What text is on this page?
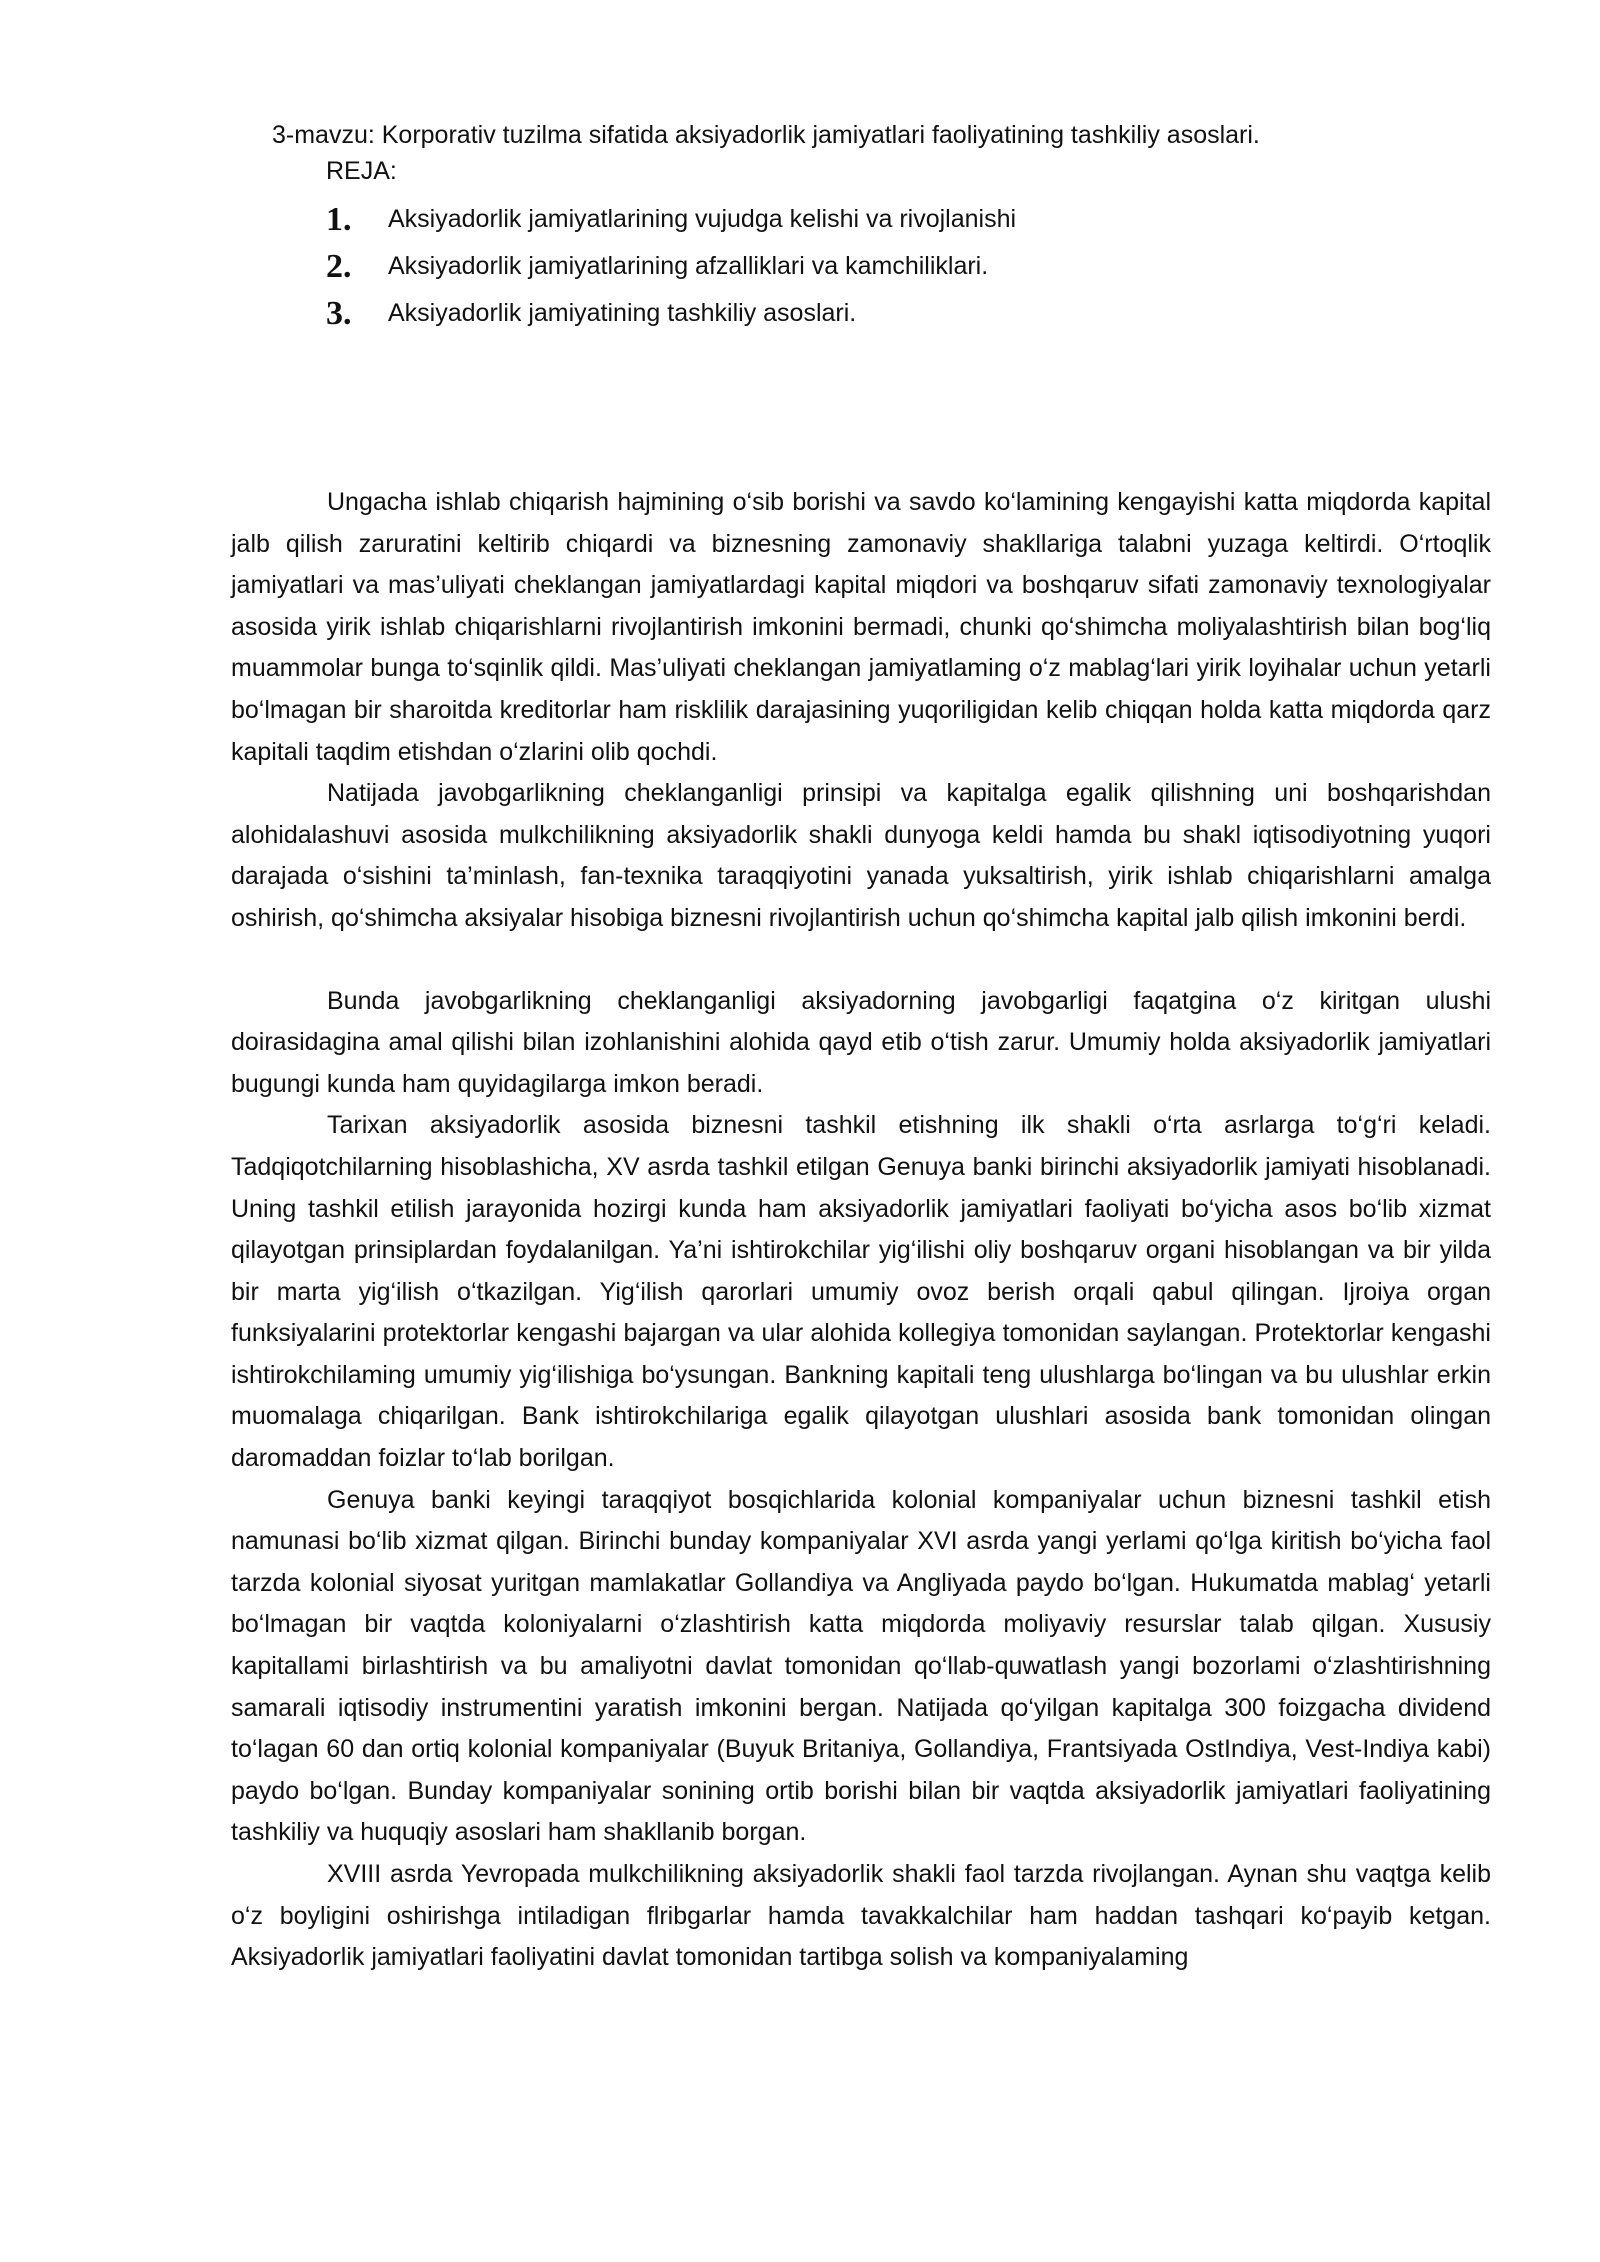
3-mavzu: Korporativ tuzilma sifatida aksiyadorlik jamiyatlari faoliyatining tashkiliy asoslari.
REJA:
1.	Aksiyadorlik jamiyatlarining vujudga kelishi va rivojlanishi
2.	Aksiyadorlik jamiyatlarining afzalliklari va kamchiliklari.
3.	Aksiyadorlik jamiyatining tashkiliy asoslari.

Ungacha ishlab chiqarish hajmining o‘sib borishi va savdo ko‘lamining kengayishi katta miqdorda kapital jalb qilish zaruratini keltirib chiqardi va biznesning zamonaviy shakllariga talabni yuzaga keltirdi. O‘rtoqlik jamiyatlari va mas’uliyati cheklangan jamiyatlardagi kapital miqdori va boshqaruv sifati zamonaviy texnologiyalar asosida yirik ishlab chiqarishlarni rivojlantirish imkonini bermadi, chunki qo‘shimcha moliyalashtirish bilan bog‘liq muammolar bunga to‘sqinlik qildi. Mas’uliyati cheklangan jamiyatlaming o‘z mablag‘lari yirik loyihalar uchun yetarli bo‘lmagan bir sharoitda kreditorlar ham risklilik darajasining yuqoriligidan kelib chiqqan holda katta miqdorda qarz kapitali taqdim etishdan o‘zlarini olib qochdi.

Natijada javobgarlikning cheklanganligi prinsipi va kapitalga egalik qilishning uni boshqarishdan alohidalashuvi asosida mulkchilikning aksiyadorlik shakli dunyoga keldi hamda bu shakl iqtisodiyotning yuqori darajada o‘sishini ta’minlash, fan-texnika taraqqiyotini yanada yuksaltirish, yirik ishlab chiqarishlarni amalga oshirish, qo‘shimcha aksiyalar hisobiga biznesni rivojlantirish uchun qo‘shimcha kapital jalb qilish imkonini berdi.

Bunda javobgarlikning cheklanganligi aksiyadorning javobgarligi faqatgina o‘z kiritgan ulushi doirasidagina amal qilishi bilan izohlanishini alohida qayd etib o‘tish zarur. Umumiy holda aksiyadorlik jamiyatlari bugungi kunda ham quyidagilarga imkon beradi.

Tarixan aksiyadorlik asosida biznesni tashkil etishning ilk shakli o‘rta asrlarga to‘g‘ri keladi. Tadqiqotchilarning hisoblashicha, XV asrda tashkil etilgan Genuya banki birinchi aksiyadorlik jamiyati hisoblanadi. Uning tashkil etilish jarayonida hozirgi kunda ham aksiyadorlik jamiyatlari faoliyati bo‘yicha asos bo‘lib xizmat qilayotgan prinsiplardan foydalanilgan. Ya’ni ishtirokchilar yig‘ilishi oliy boshqaruv organi hisoblangan va bir yilda bir marta yig‘ilish o‘tkazilgan. Yig‘ilish qarorlari umumiy ovoz berish orqali qabul qilingan. Ijroiya organ funksiyalarini protektorlar kengashi bajargan va ular alohida kollegiya tomonidan saylangan. Protektorlar kengashi ishtirokchilaming umumiy yig‘ilishiga bo‘ysungan. Bankning kapitali teng ulushlarga bo‘lingan va bu ulushlar erkin muomalaga chiqarilgan. Bank ishtirokchilariga egalik qilayotgan ulushlari asosida bank tomonidan olingan daromaddan foizlar to‘lab borilgan.

Genuya banki keyingi taraqqiyot bosqichlarida kolonial kompaniyalar uchun biznesni tashkil etish namunasi bo‘lib xizmat qilgan. Birinchi bunday kompaniyalar XVI asrda yangi yerlami qo‘lga kiritish bo‘yicha faol tarzda kolonial siyosat yuritgan mamlakatlar Gollandiya va Angliyada paydo bo‘lgan. Hukumatda mablag‘ yetarli bo‘lmagan bir vaqtda koloniyalarni o‘zlashtirish katta miqdorda moliyaviy resurslar talab qilgan. Xususiy kapitallami birlashtirish va bu amaliyotni davlat tomonidan qo‘llab-quwatlash yangi bozorlami o‘zlashtirishning samarali iqtisodiy instrumentini yaratish imkonini bergan. Natijada qo‘yilgan kapitalga 300 foizgacha dividend to‘lagan 60 dan ortiq kolonial kompaniyalar (Buyuk Britaniya, Gollandiya, Frantsiyada OstIndiya, Vest-Indiya kabi) paydo bo‘lgan. Bunday kompaniyalar sonining ortib borishi bilan bir vaqtda aksiyadorlik jamiyatlari faoliyatining tashkiliy va huquqiy asoslari ham shakllanib borgan.

XVIII asrda Yevropada mulkchilikning aksiyadorlik shakli faol tarzda rivojlangan. Aynan shu vaqtga kelib o‘z boyligini oshirishga intiladigan flribgarlar hamda tavakkalchilar ham haddan tashqari ko‘payib ketgan. Aksiyadorlik jamiyatlari faoliyatini davlat tomonidan tartibga solish va kompaniyalaming
